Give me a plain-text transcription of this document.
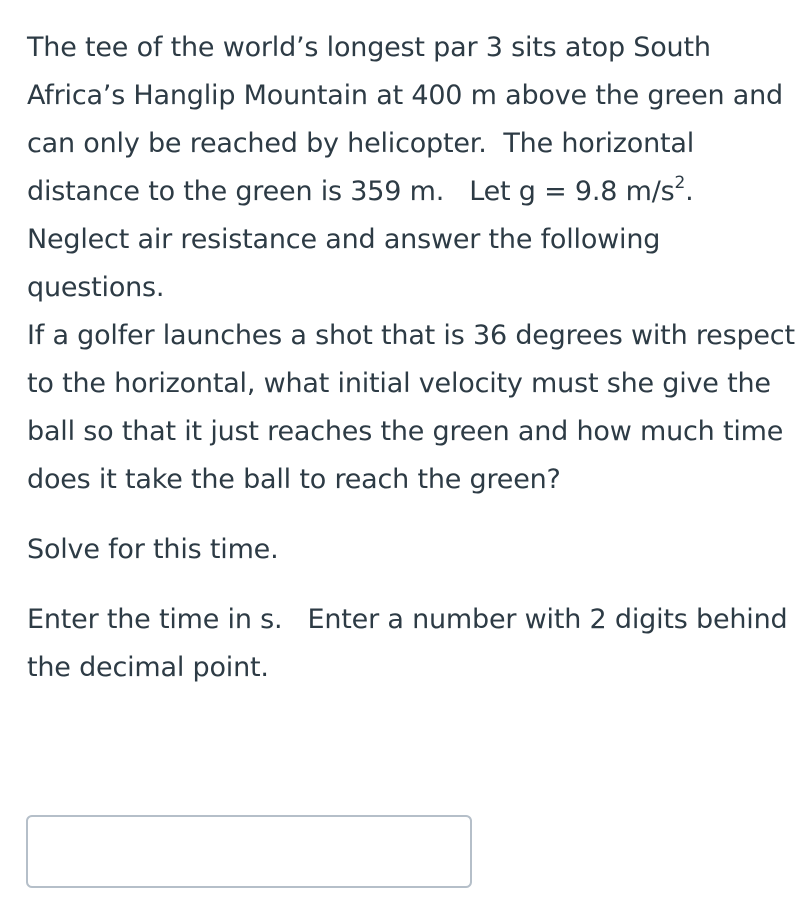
The tee of the world’s longest par 3 sits atop South Africa’s Hanglip Mountain at 400 m above the green and can only be reached by helicopter.  The horizontal distance to the green is 359 m.   Let g = 9.8 $m/s^2$.

Neglect air resistance and answer the following questions.

If a golfer launches a shot that is 36 degrees with respect to the horizontal, what initial velocity must she give the ball so that it just reaches the green and how much time does it take the ball to reach the green?

Solve for this time.

Enter the time in s.   Enter a number with 2 digits behind the decimal point.
